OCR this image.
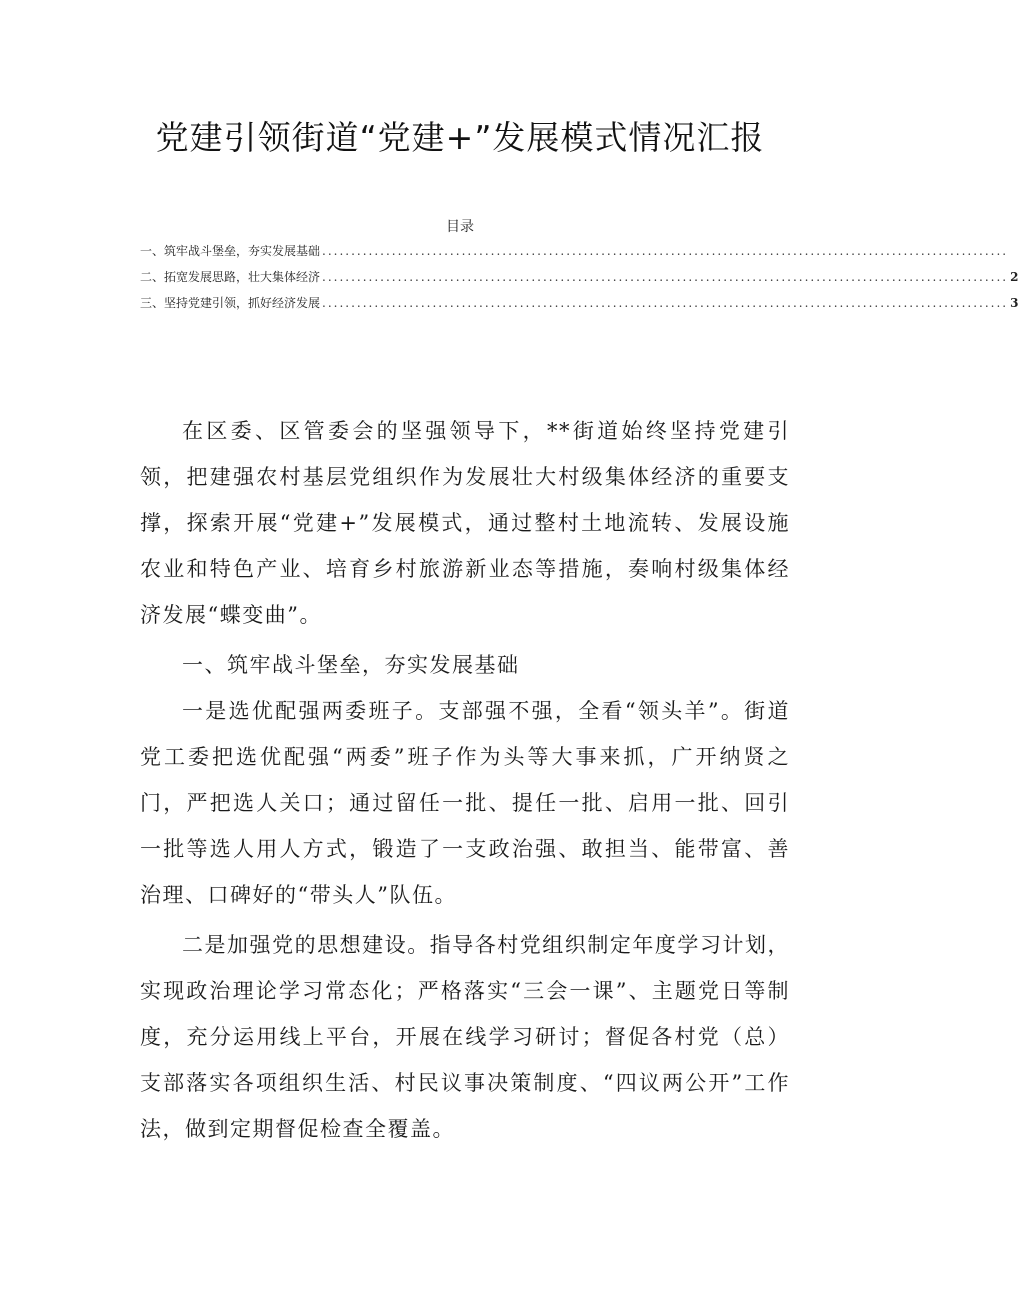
党建引领街道“党建+”发展模式情况汇报
目录
一、筑牢战斗堡垒，夯实发展基础 ......................................................................................................................
二、拓宽发展思路，壮大集体经济 ...................................................................................................................... 2
三、坚持党建引领，抓好经济发展 ...................................................................................................................... 3

在区委、区管委会的坚强领导下，**街道始终坚持党建引领，把建强农村基层党组织作为发展壮大村级集体经济的重要支撑，探索开展“党建+”发展模式，通过整村土地流转、发展设施农业和特色产业、培育乡村旅游新业态等措施，奏响村级集体经济发展“蝶变曲”。

一、筑牢战斗堡垒，夯实发展基础

一是选优配强两委班子。支部强不强，全看“领头羊”。街道党工委把选优配强“两委”班子作为头等大事来抓，广开纳贤之门，严把选人关口；通过留任一批、提任一批、启用一批、回引一批等选人用人方式，锻造了一支政治强、敢担当、能带富、善治理、口碑好的“带头人”队伍。

二是加强党的思想建设。指导各村党组织制定年度学习计划，实现政治理论学习常态化；严格落实“三会一课”、主题党日等制度，充分运用线上平台，开展在线学习研讨；督促各村党（总）支部落实各项组织生活、村民议事决策制度、“四议两公开”工作法，做到定期督促检查全覆盖。
